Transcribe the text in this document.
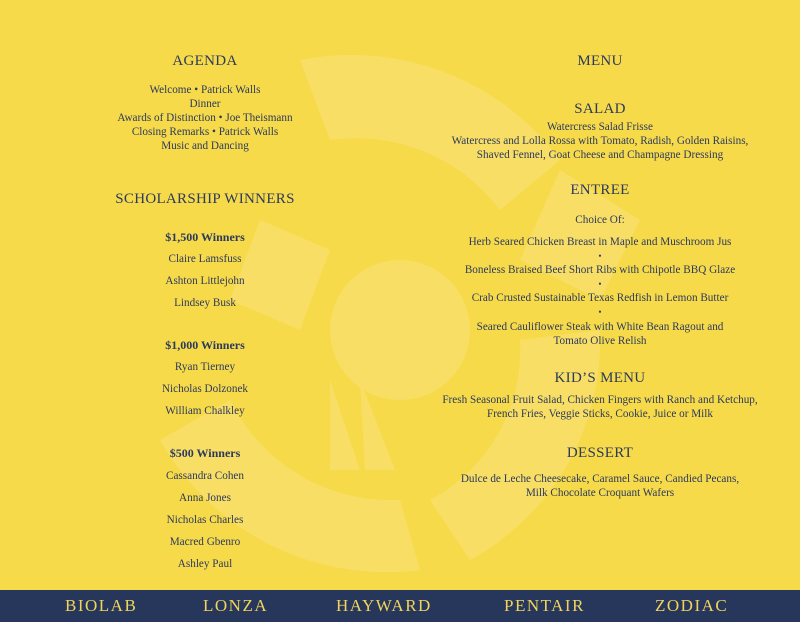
AGENDA
Welcome • Patrick Walls
Dinner
Awards of Distinction • Joe Theismann
Closing Remarks • Patrick Walls
Music and Dancing
SCHOLARSHIP WINNERS
$1,500 Winners
Claire Lamsfuss
Ashton Littlejohn
Lindsey Busk
$1,000 Winners
Ryan Tierney
Nicholas Dolzonek
William Chalkley
$500 Winners
Cassandra Cohen
Anna Jones
Nicholas Charles
Macred Gbenro
Ashley Paul
MENU
SALAD
Watercress Salad Frisse
Watercress and Lolla Rossa with Tomato, Radish, Golden Raisins,
Shaved Fennel, Goat Cheese and Champagne Dressing
ENTREE
Choice Of:
Herb Seared Chicken Breast in Maple and Muschroom Jus
•
Boneless Braised Beef Short Ribs with Chipotle BBQ Glaze
•
Crab Crusted Sustainable Texas Redfish in Lemon Butter
•
Seared Cauliflower Steak with White Bean Ragout and
Tomato Olive Relish
KID’S MENU
Fresh Seasonal Fruit Salad, Chicken Fingers with Ranch and Ketchup,
French Fries, Veggie Sticks, Cookie, Juice or Milk
DESSERT
Dulce de Leche Cheesecake, Caramel Sauce, Candied Pecans,
Milk Chocolate Croquant Wafers
BIOLAB	LONZA	HAYWARD	PENTAIR	ZODIAC
